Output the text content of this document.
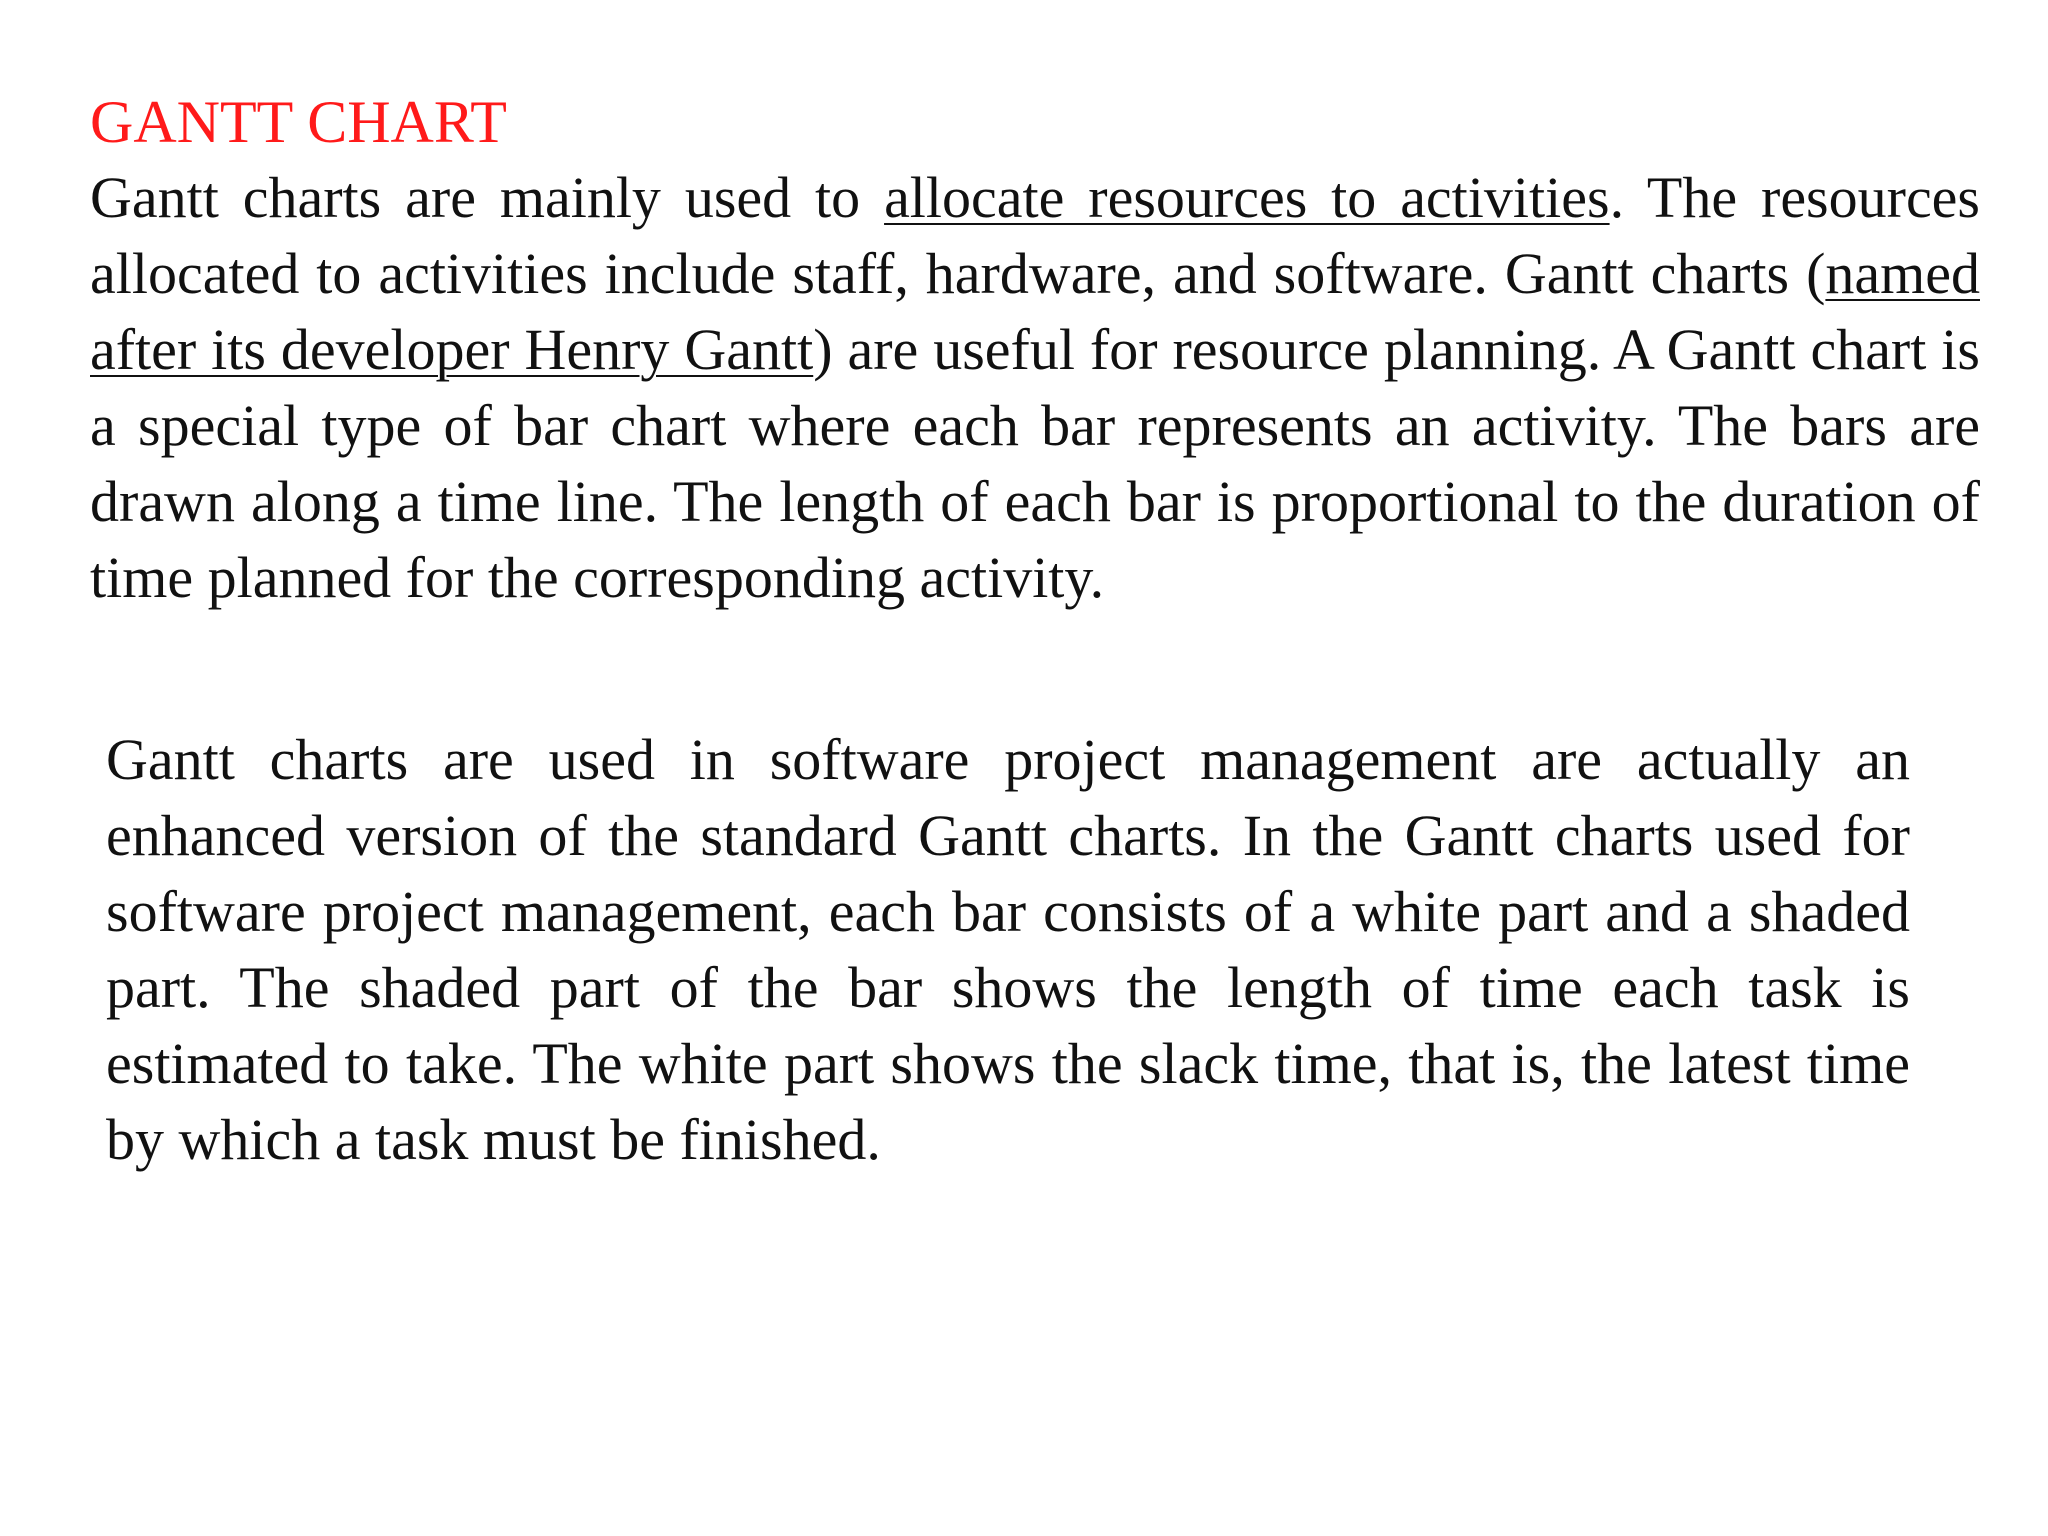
GANTT CHART

Gantt charts are mainly used to allocate resources to activities. The resources allocated to activities include staff, hardware, and software. Gantt charts (named after its developer Henry Gantt) are useful for resource planning. A Gantt chart is a special type of bar chart where each bar represents an activity. The bars are drawn along a time line. The length of each bar is proportional to the duration of time planned for the corresponding activity.

Gantt charts are used in software project management are actually an enhanced version of the standard Gantt charts. In the Gantt charts used for software project management, each bar consists of a white part and a shaded part. The shaded part of the bar shows the length of time each task is estimated to take. The white part shows the slack time, that is, the latest time by which a task must be finished.
